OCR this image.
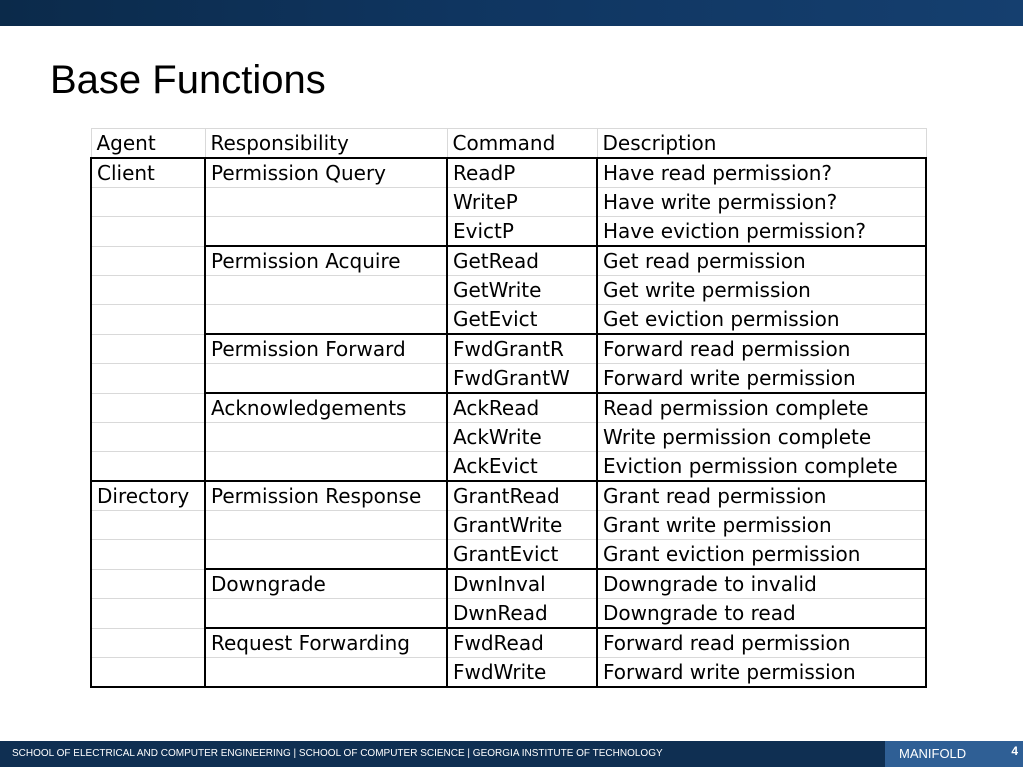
Base Functions
Agent	Responsibility	Command	Description
Client	Permission Query	ReadP	Have read permission?
		WriteP	Have write permission?
		EvictP	Have eviction permission?
	Permission Acquire	GetRead	Get read permission
		GetWrite	Get write permission
		GetEvict	Get eviction permission
	Permission Forward	FwdGrantR	Forward read permission
		FwdGrantW	Forward write permission
	Acknowledgements	AckRead	Read permission complete
		AckWrite	Write permission complete
		AckEvict	Eviction permission complete
Directory	Permission Response	GrantRead	Grant read permission
		GrantWrite	Grant write permission
		GrantEvict	Grant eviction permission
	Downgrade	DwnInval	Downgrade to invalid
		DwnRead	Downgrade to read
	Request Forwarding	FwdRead	Forward read permission
		FwdWrite	Forward write permission
SCHOOL OF ELECTRICAL AND COMPUTER ENGINEERING | SCHOOL OF COMPUTER SCIENCE | GEORGIA INSTITUTE OF TECHNOLOGY	MANIFOLD	4
